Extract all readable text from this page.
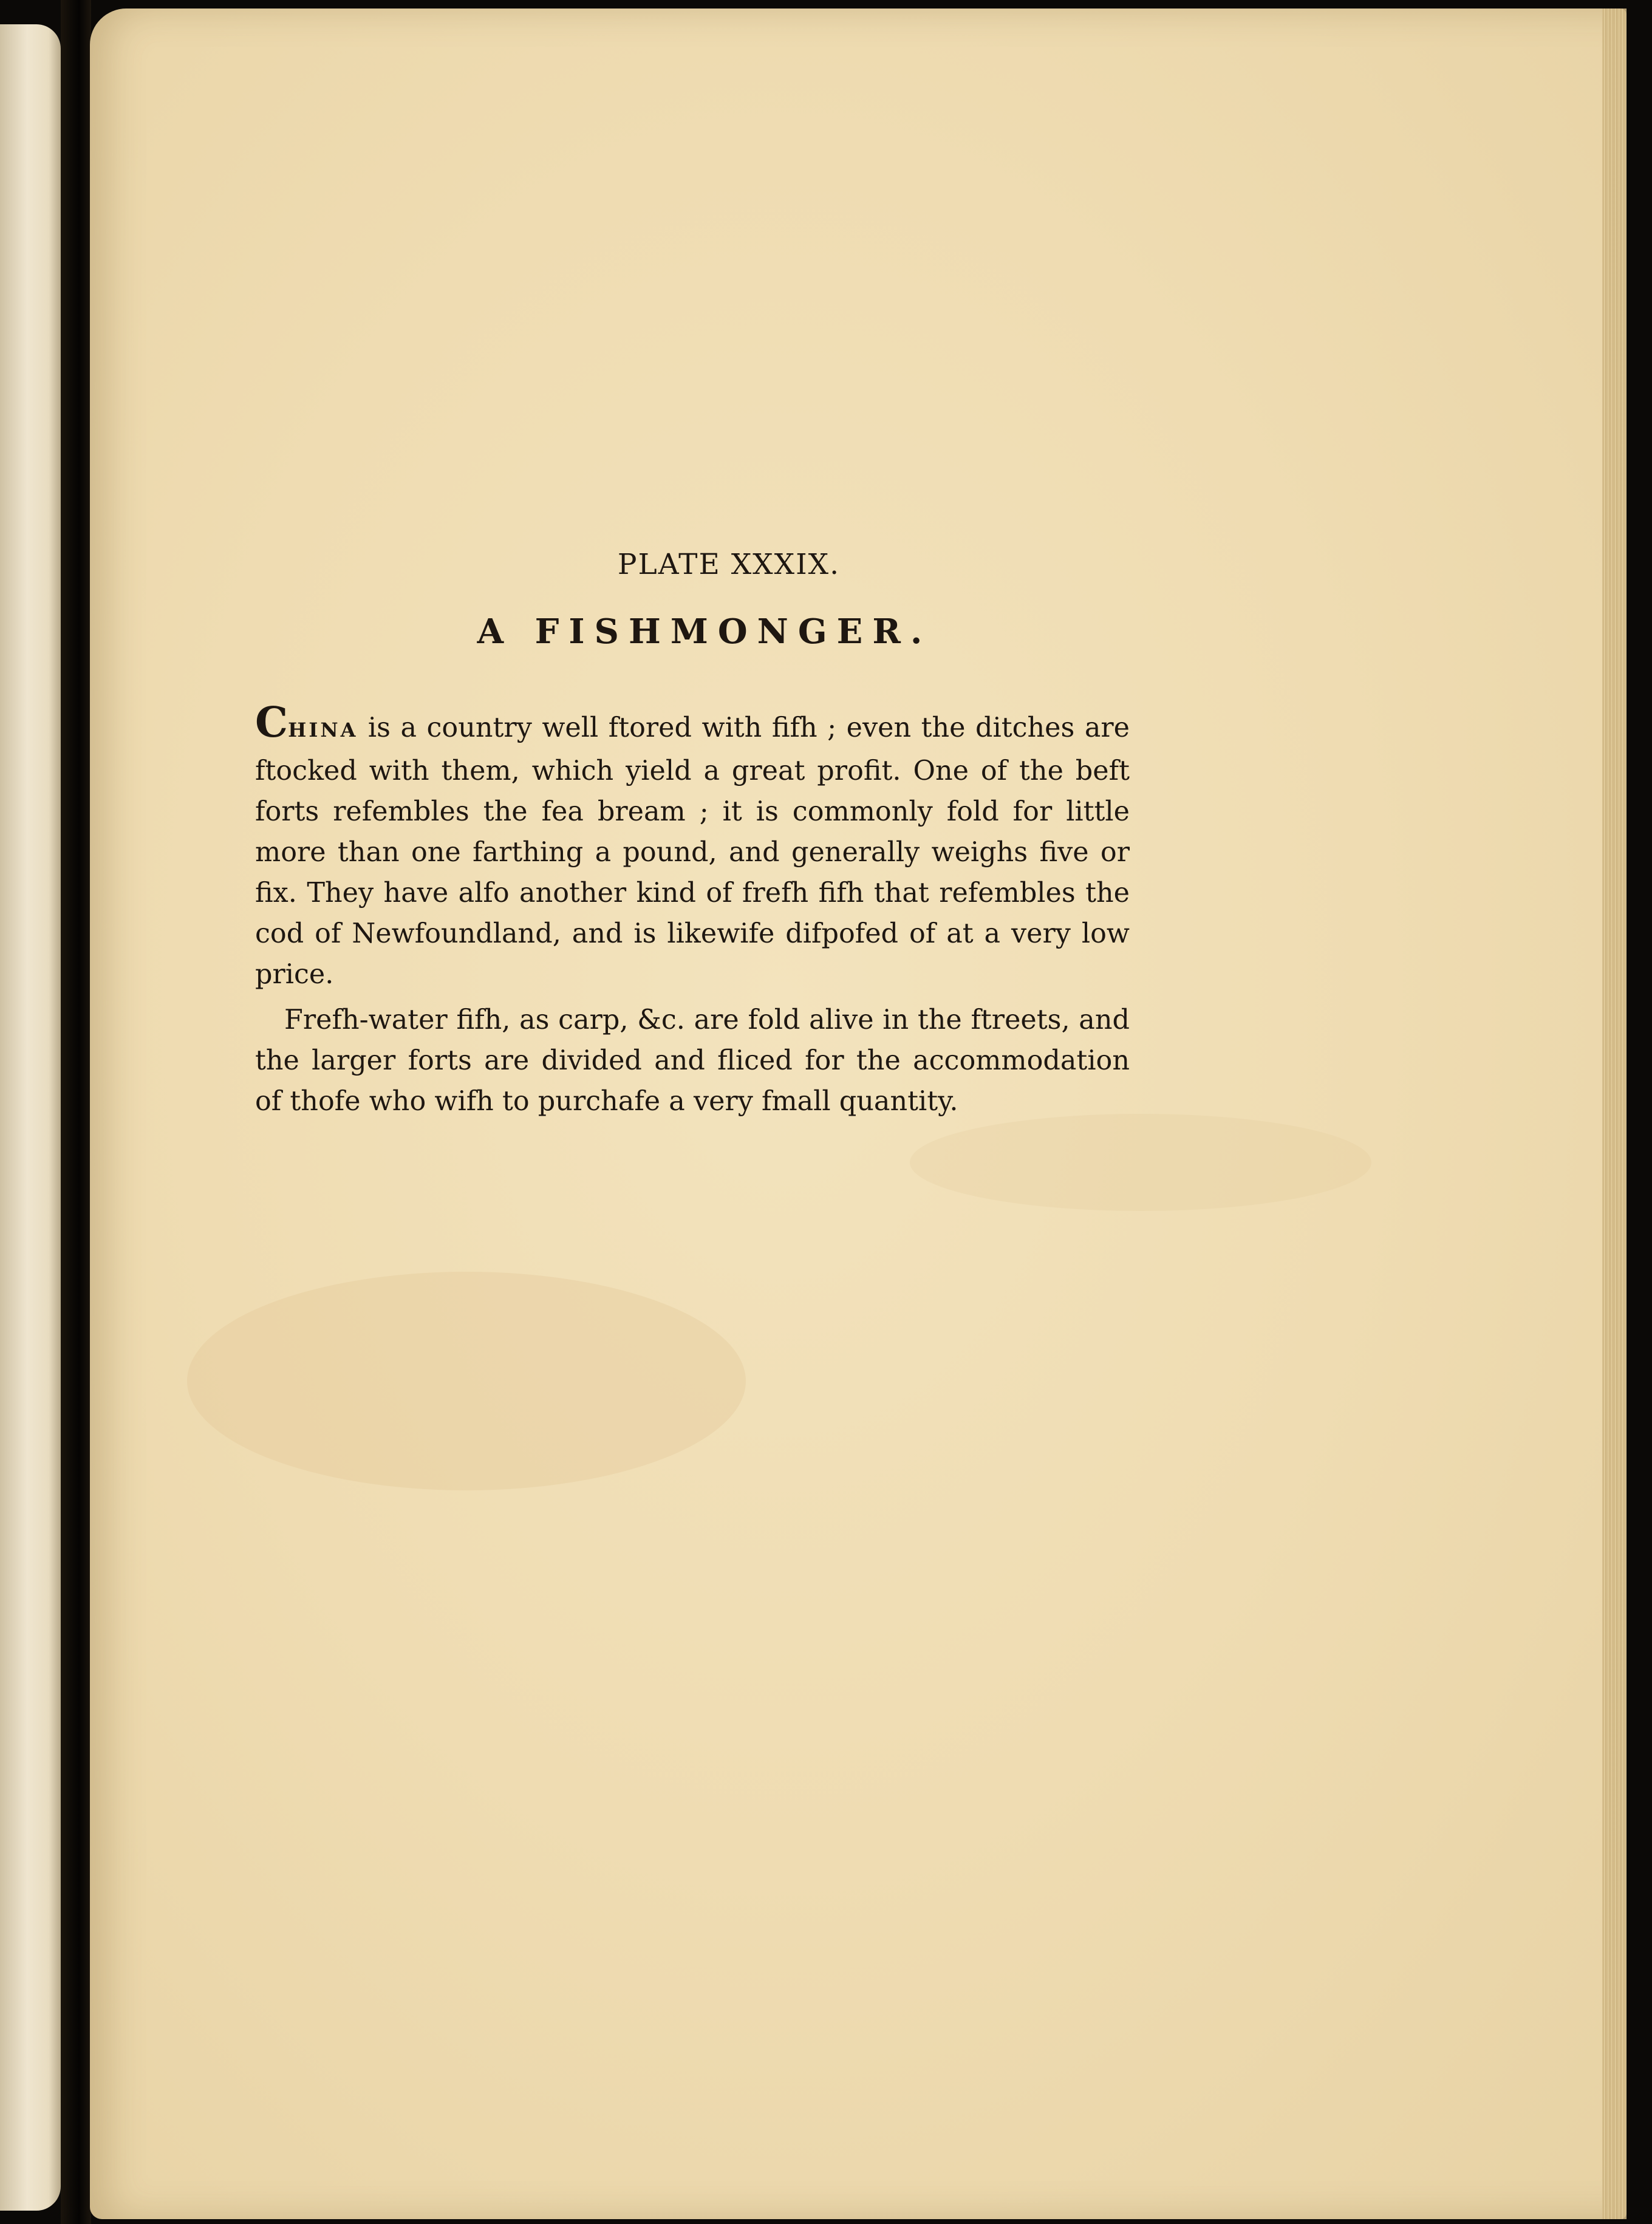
PLATE XXXIX.

A FISHMONGER.

CHINA is a country well ftored with fifh ; even the ditches are ftocked with them, which yield a great profit. One of the beft forts refembles the fea bream ; it is commonly fold for little more than one farthing a pound, and generally weighs five or fix. They have alfo another kind of frefh fifh that refembles the cod of Newfoundland, and is likewife difpofed of at a very low price.

Frefh-water fifh, as carp, &c. are fold alive in the ftreets, and the larger forts are divided and fliced for the accommodation of thofe who wifh to purchafe a very fmall quantity.
